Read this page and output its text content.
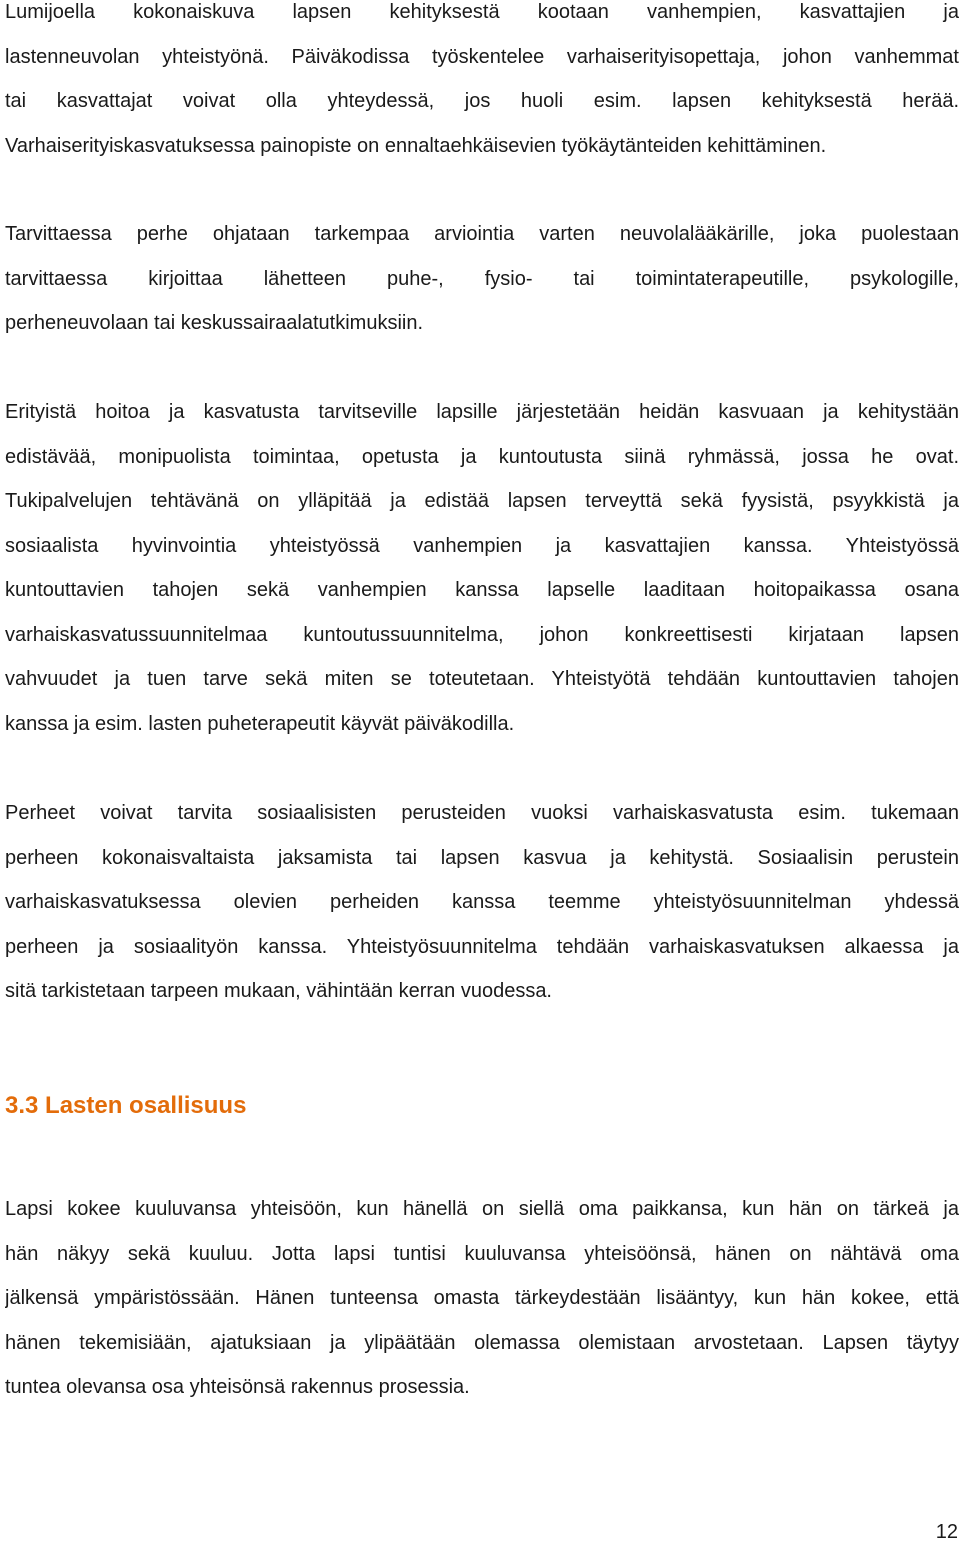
Lumijoella kokonaiskuva lapsen kehityksestä kootaan vanhempien, kasvattajien ja
lastenneuvolan yhteistyönä. Päiväkodissa työskentelee varhaiserityisopettaja, johon vanhemmat
tai kasvattajat voivat olla yhteydessä, jos huoli esim. lapsen kehityksestä herää.
Varhaiserityiskasvatuksessa painopiste on ennaltaehkäisevien työkäytänteiden kehittäminen.
Tarvittaessa perhe ohjataan tarkempaa arviointia varten neuvolalääkärille, joka puolestaan
tarvittaessa kirjoittaa lähetteen puhe-, fysio- tai toimintaterapeutille, psykologille,
perheneuvolaan tai keskussairaalatutkimuksiin.
Erityistä hoitoa ja kasvatusta tarvitseville lapsille järjestetään heidän kasvuaan ja kehitystään
edistävää, monipuolista toimintaa, opetusta ja kuntoutusta siinä ryhmässä, jossa he ovat.
Tukipalvelujen tehtävänä on ylläpitää ja edistää lapsen terveyttä sekä fyysistä, psyykkistä ja
sosiaalista hyvinvointia yhteistyössä vanhempien ja kasvattajien kanssa. Yhteistyössä
kuntouttavien tahojen sekä vanhempien kanssa lapselle laaditaan hoitopaikassa osana
varhaiskasvatussuunnitelmaa kuntoutussuunnitelma, johon konkreettisesti kirjataan lapsen
vahvuudet ja tuen tarve sekä miten se toteutetaan. Yhteistyötä tehdään kuntouttavien tahojen
kanssa ja esim. lasten puheterapeutit käyvät päiväkodilla.
Perheet voivat tarvita sosiaalisisten perusteiden vuoksi varhaiskasvatusta esim. tukemaan
perheen kokonaisvaltaista jaksamista tai lapsen kasvua ja kehitystä. Sosiaalisin perustein
varhaiskasvatuksessa olevien perheiden kanssa teemme yhteistyösuunnitelman yhdessä
perheen ja sosiaalityön kanssa. Yhteistyösuunnitelma tehdään varhaiskasvatuksen alkaessa ja
sitä tarkistetaan tarpeen mukaan, vähintään kerran vuodessa.
3.3 Lasten osallisuus
Lapsi kokee kuuluvansa yhteisöön, kun hänellä on siellä oma paikkansa, kun hän on tärkeä ja
hän näkyy sekä kuuluu. Jotta lapsi tuntisi kuuluvansa yhteisöönsä, hänen on nähtävä oma
jälkensä ympäristössään. Hänen tunteensa omasta tärkeydestään lisääntyy, kun hän kokee, että
hänen tekemisiään, ajatuksiaan ja ylipäätään olemassa olemistaan arvostetaan. Lapsen täytyy
tuntea olevansa osa yhteisönsä rakennus prosessia.
12
